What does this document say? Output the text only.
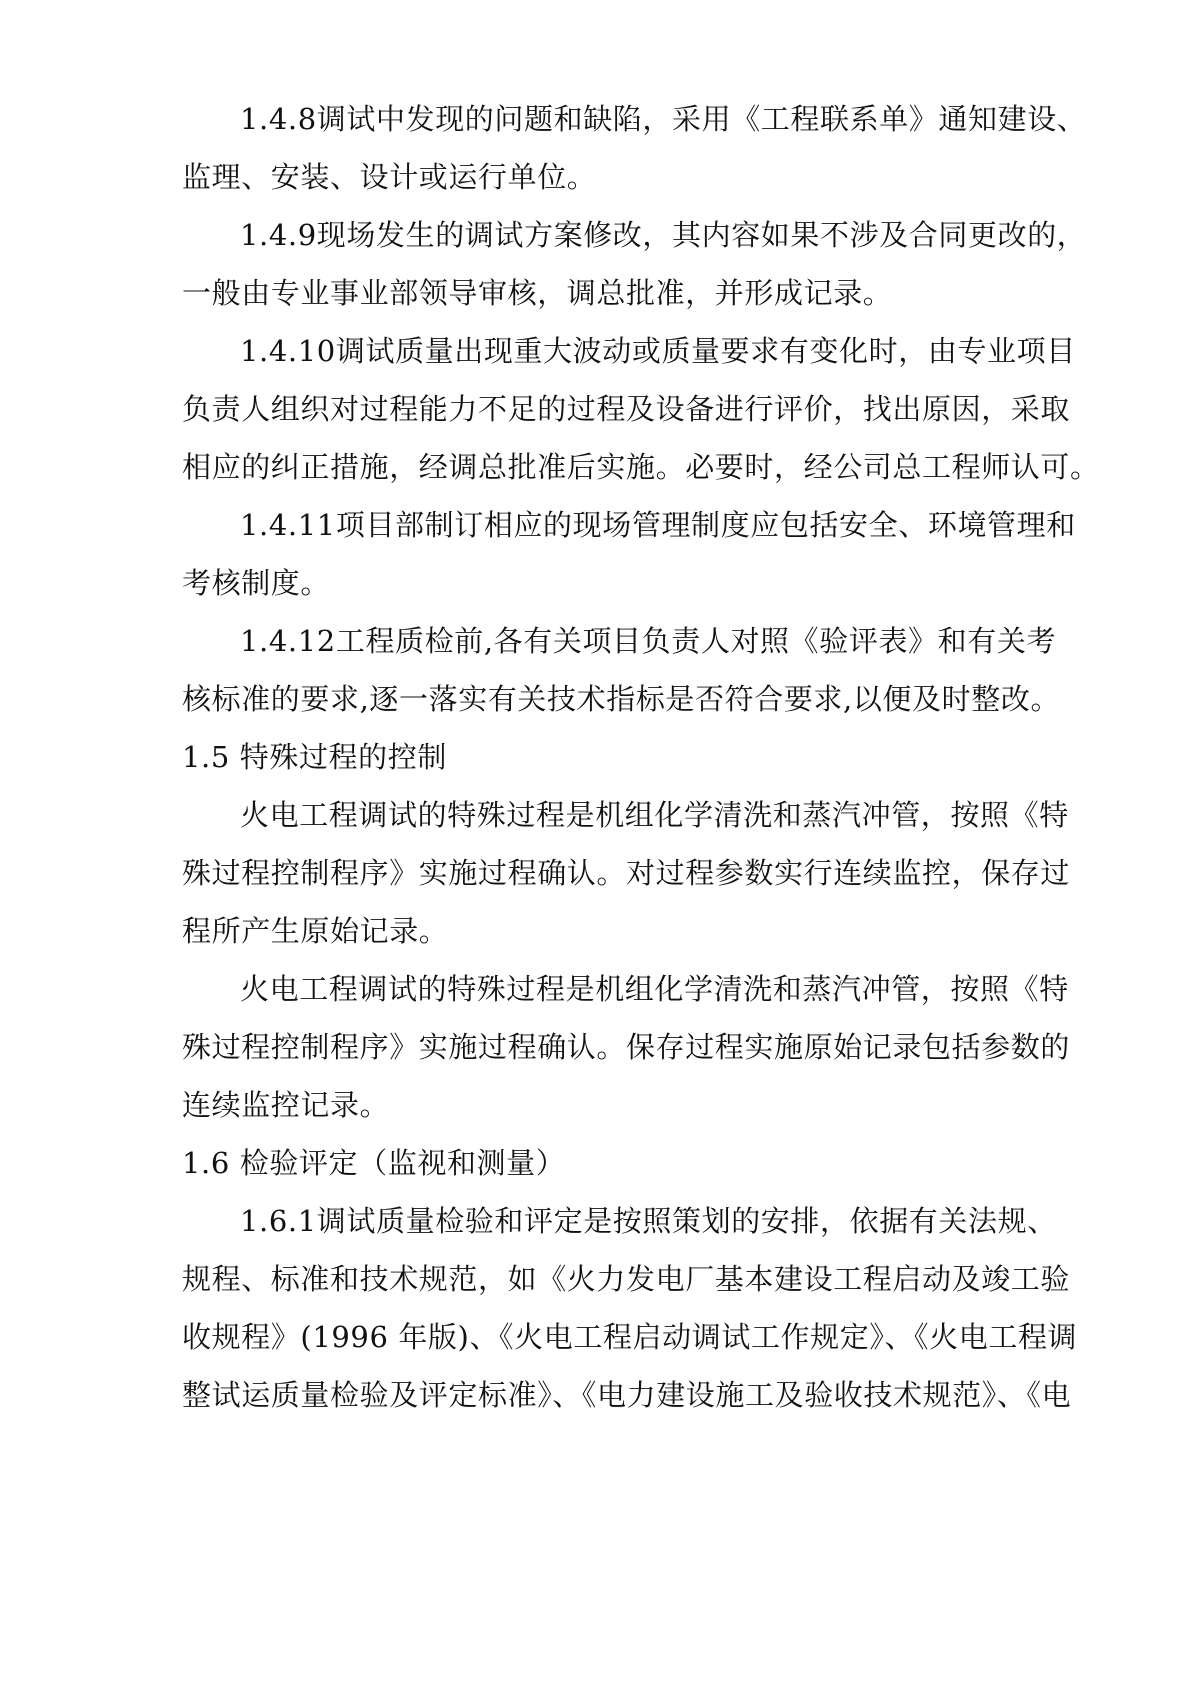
1.4.8调试中发现的问题和缺陷，采用《工程联系单》通知建设、
监理、安装、设计或运行单位。
1.4.9现场发生的调试方案修改，其内容如果不涉及合同更改的，
一般由专业事业部领导审核，调总批准，并形成记录。
1.4.10调试质量出现重大波动或质量要求有变化时，由专业项目
负责人组织对过程能力不足的过程及设备进行评价，找出原因，采取
相应的纠正措施，经调总批准后实施。必要时，经公司总工程师认可。
1.4.11项目部制订相应的现场管理制度应包括安全、环境管理和
考核制度。
1.4.12工程质检前,各有关项目负责人对照《验评表》和有关考
核标准的要求,逐一落实有关技术指标是否符合要求,以便及时整改。
1.5 特殊过程的控制
火电工程调试的特殊过程是机组化学清洗和蒸汽冲管，按照《特
殊过程控制程序》实施过程确认。对过程参数实行连续监控，保存过
程所产生原始记录。
火电工程调试的特殊过程是机组化学清洗和蒸汽冲管，按照《特
殊过程控制程序》实施过程确认。保存过程实施原始记录包括参数的
连续监控记录。
1.6 检验评定（监视和测量）
1.6.1调试质量检验和评定是按照策划的安排，依据有关法规、
规程、标准和技术规范，如《火力发电厂基本建设工程启动及竣工验
收规程》(1996 年版)、《火电工程启动调试工作规定》、《火电工程调
整试运质量检验及评定标准》、《电力建设施工及验收技术规范》、《电
